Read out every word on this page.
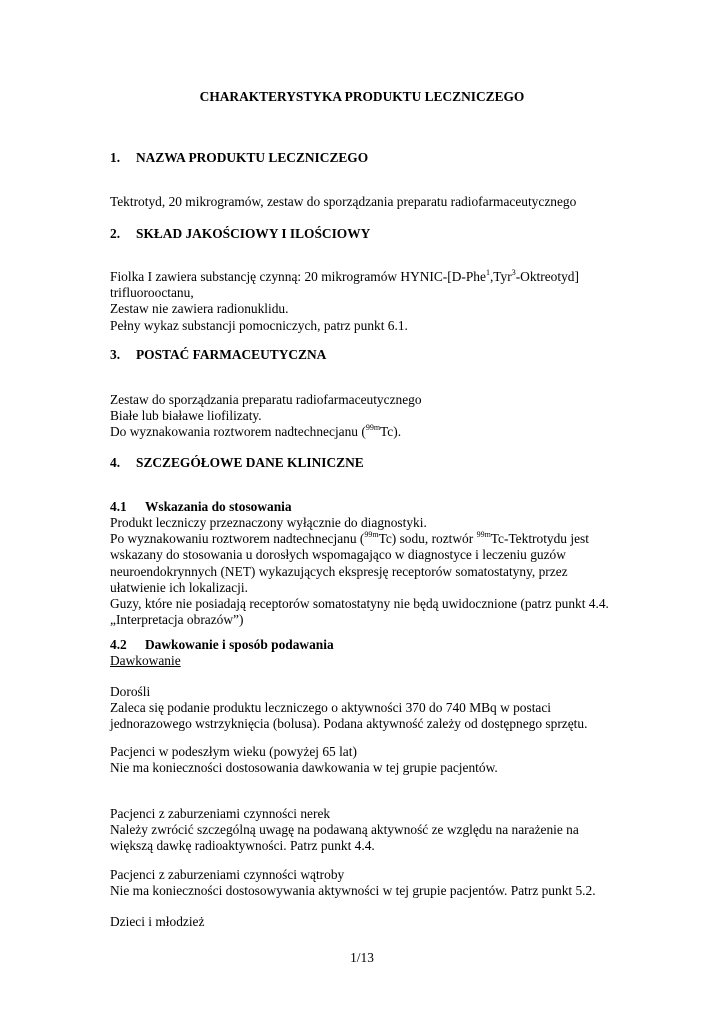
CHARAKTERYSTYKA PRODUKTU LECZNICZEGO
1. NAZWA PRODUKTU LECZNICZEGO
Tektrotyd, 20 mikrogramów, zestaw do sporządzania preparatu radiofarmaceutycznego
2. SKŁAD JAKOŚCIOWY I ILOŚCIOWY
Fiolka I zawiera substancję czynną: 20 mikrogramów HYNIC-[D-Phe$^1$,Tyr$^3$-Oktreotyd]
trifluorooctanu,
Zestaw nie zawiera radionuklidu.
Pełny wykaz substancji pomocniczych, patrz punkt 6.1.
3. POSTAĆ FARMACEUTYCZNA
Zestaw do sporządzania preparatu radiofarmaceutycznego
Białe lub białawe liofilizaty.
Do wyznakowania roztworem nadtechnecjanu ($^{99m}$Tc).
4. SZCZEGÓŁOWE DANE KLINICZNE
4.1 Wskazania do stosowania
Produkt leczniczy przeznaczony wyłącznie do diagnostyki.
Po wyznakowaniu roztworem nadtechnecjanu ($^{99m}$Tc) sodu, roztwór $^{99m}$Tc-Tektrotydu jest
wskazany do stosowania u dorosłych wspomagająco w diagnostyce i leczeniu guzów
neuroendokrynnych (NET) wykazujących ekspresję receptorów somatostatyny, przez
ułatwienie ich lokalizacji.
Guzy, które nie posiadają receptorów somatostatyny nie będą uwidocznione (patrz punkt 4.4.
„Interpretacja obrazów”)
4.2 Dawkowanie i sposób podawania
Dawkowanie
Dorośli
Zaleca się podanie produktu leczniczego o aktywności 370 do 740 MBq w postaci
jednorazowego wstrzyknięcia (bolusa). Podana aktywność zależy od dostępnego sprzętu.
Pacjenci w podeszłym wieku (powyżej 65 lat)
Nie ma konieczności dostosowania dawkowania w tej grupie pacjentów.
Pacjenci z zaburzeniami czynności nerek
Należy zwrócić szczególną uwagę na podawaną aktywność ze względu na narażenie na
większą dawkę radioaktywności. Patrz punkt 4.4.
Pacjenci z zaburzeniami czynności wątroby
Nie ma konieczności dostosowywania aktywności w tej grupie pacjentów. Patrz punkt 5.2.
Dzieci i młodzież
1/13
